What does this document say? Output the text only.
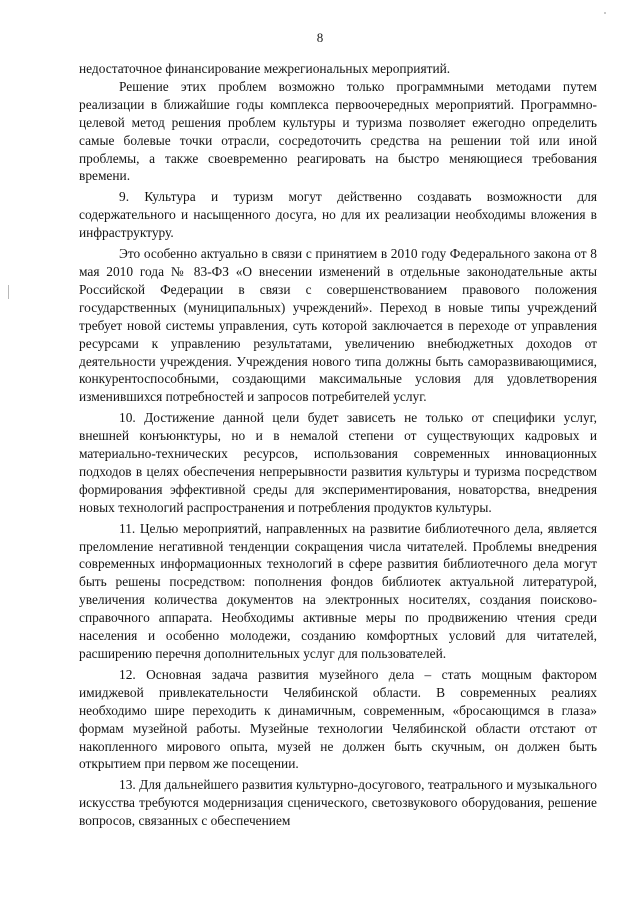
8

недостаточное финансирование межрегиональных мероприятий.

Решение этих проблем возможно только программными методами путем реализации в ближайшие годы комплекса первоочередных мероприятий. Программно-целевой метод решения проблем культуры и туризма позволяет ежегодно определить самые болевые точки отрасли, сосредоточить средства на решении той или иной проблемы, а также своевременно реагировать на быстро меняющиеся требования времени.

9. Культура и туризм могут действенно создавать возможности для содержательного и насыщенного досуга, но для их реализации необходимы вложения в инфраструктуру.

Это особенно актуально в связи с принятием в 2010 году Федерального закона от 8 мая 2010 года № 83-ФЗ «О внесении изменений в отдельные законодательные акты Российской Федерации в связи с совершенствованием правового положения государственных (муниципальных) учреждений». Переход в новые типы учреждений требует новой системы управления, суть которой заключается в переходе от управления ресурсами к управлению результатами, увеличению внебюджетных доходов от деятельности учреждения. Учреждения нового типа должны быть саморазвивающимися, конкурентоспособными, создающими максимальные условия для удовлетворения изменившихся потребностей и запросов потребителей услуг.

10. Достижение данной цели будет зависеть не только от специфики услуг, внешней конъюнктуры, но и в немалой степени от существующих кадровых и материально-технических ресурсов, использования современных инновационных подходов в целях обеспечения непрерывности развития культуры и туризма посредством формирования эффективной среды для экспериментирования, новаторства, внедрения новых технологий распространения и потребления продуктов культуры.

11. Целью мероприятий, направленных на развитие библиотечного дела, является преломление негативной тенденции сокращения числа читателей. Проблемы внедрения современных информационных технологий в сфере развития библиотечного дела могут быть решены посредством: пополнения фондов библиотек актуальной литературой, увеличения количества документов на электронных носителях, создания поисково-справочного аппарата. Необходимы активные меры по продвижению чтения среди населения и особенно молодежи, созданию комфортных условий для читателей, расширению перечня дополнительных услуг для пользователей.

12. Основная задача развития музейного дела – стать мощным фактором имиджевой привлекательности Челябинской области. В современных реалиях необходимо шире переходить к динамичным, современным, «бросающимся в глаза» формам музейной работы. Музейные технологии Челябинской области отстают от накопленного мирового опыта, музей не должен быть скучным, он должен быть открытием при первом же посещении.

13. Для дальнейшего развития культурно-досугового, театрального и музыкального искусства требуются модернизация сценического, светозвукового оборудования, решение вопросов, связанных с обеспечением
